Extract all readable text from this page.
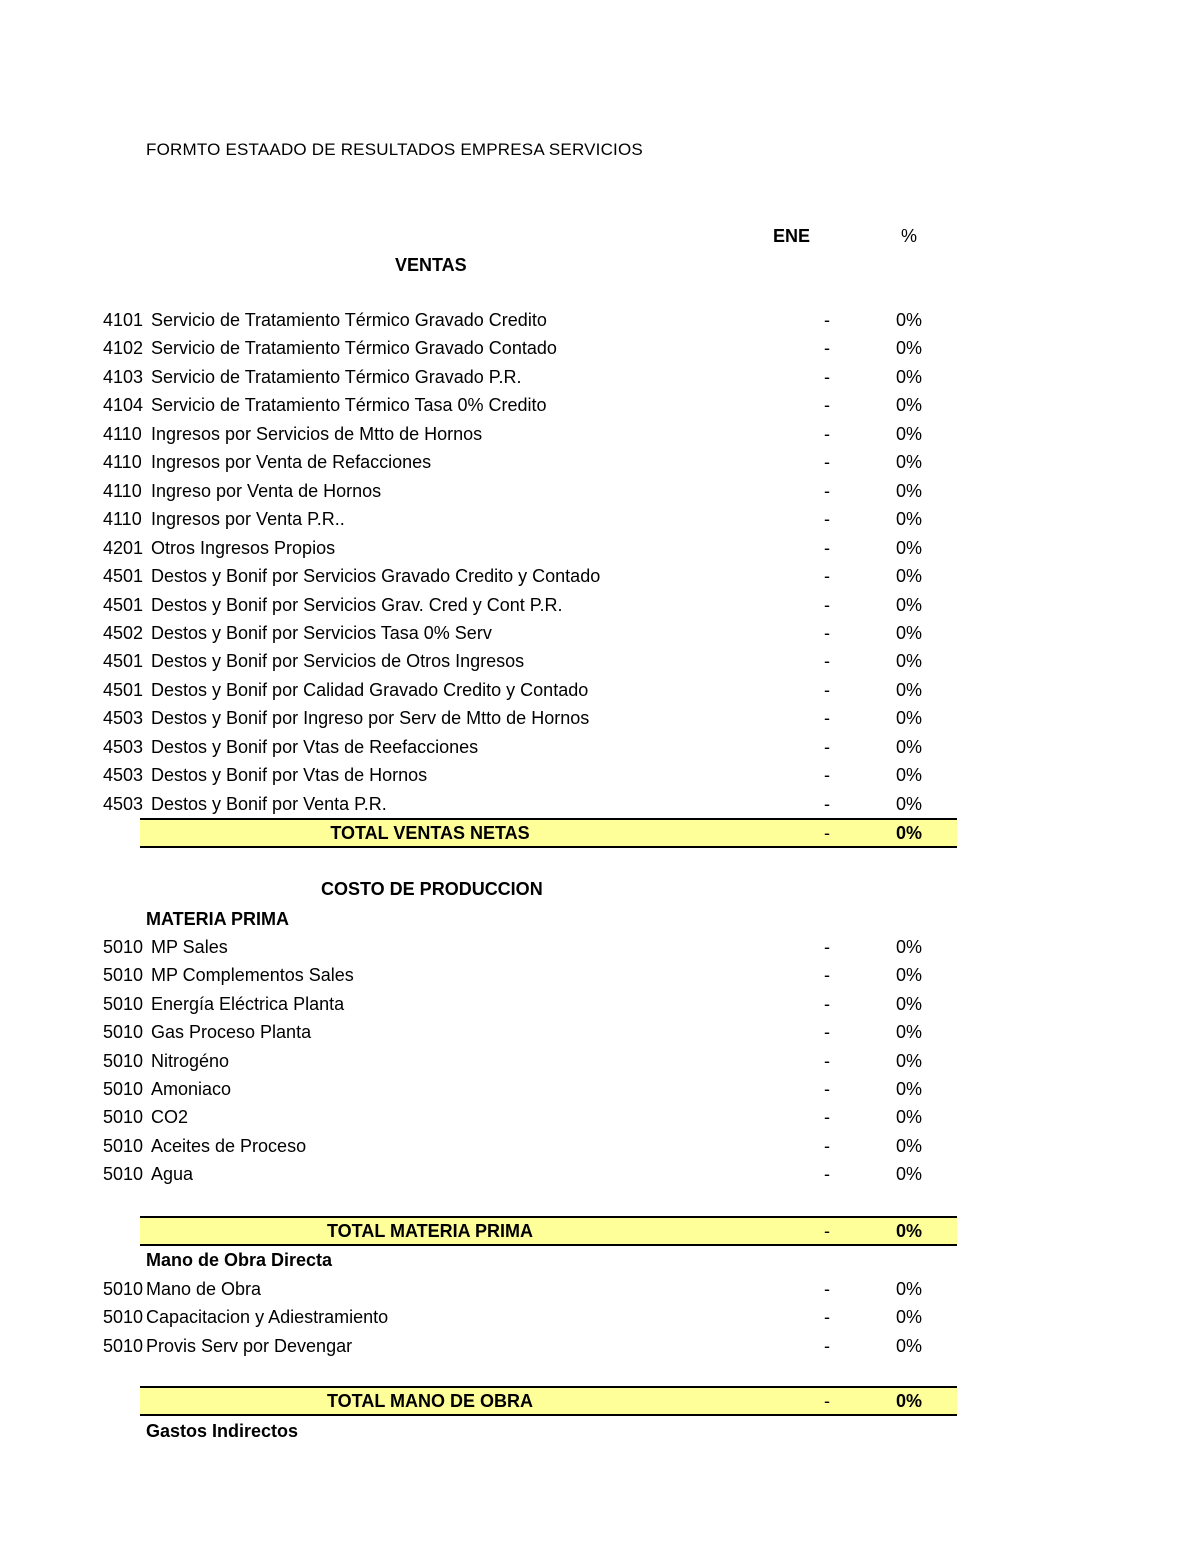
FORMTO ESTAADO DE RESULTADOS EMPRESA SERVICIOS
ENE	%
VENTAS
4101 Servicio de Tratamiento Térmico Gravado Credito	-	0%
4102 Servicio de Tratamiento Térmico Gravado Contado	-	0%
4103 Servicio de Tratamiento Térmico Gravado P.R.	-	0%
4104 Servicio de Tratamiento Térmico Tasa 0% Credito	-	0%
4110 Ingresos por Servicios de Mtto de Hornos	-	0%
4110 Ingresos por Venta de Refacciones	-	0%
4110 Ingreso por Venta de Hornos	-	0%
4110 Ingresos por Venta P.R..	-	0%
4201 Otros Ingresos Propios	-	0%
4501 Destos y Bonif por Servicios Gravado Credito y Contado	-	0%
4501 Destos y Bonif por Servicios Grav. Cred y Cont P.R.	-	0%
4502 Destos y Bonif por Servicios Tasa 0% Serv	-	0%
4501 Destos y Bonif por Servicios de Otros Ingresos	-	0%
4501 Destos y Bonif por Calidad Gravado Credito y Contado	-	0%
4503 Destos y Bonif por Ingreso por Serv de Mtto de Hornos	-	0%
4503 Destos y Bonif por Vtas de Reefacciones	-	0%
4503 Destos y Bonif por Vtas de Hornos	-	0%
4503 Destos y Bonif por Venta P.R.	-	0%
TOTAL VENTAS NETAS	-	0%
COSTO DE PRODUCCION
MATERIA PRIMA
5010 MP Sales	-	0%
5010 MP Complementos Sales	-	0%
5010 Energía Eléctrica Planta	-	0%
5010 Gas Proceso Planta	-	0%
5010 Nitrogéno	-	0%
5010 Amoniaco	-	0%
5010 CO2	-	0%
5010 Aceites de Proceso	-	0%
5010 Agua	-	0%
TOTAL MATERIA PRIMA	-	0%
Mano de Obra Directa
5010 Mano de Obra	-	0%
5010 Capacitacion y Adiestramiento	-	0%
5010 Provis Serv por Devengar	-	0%
TOTAL MANO DE OBRA	-	0%
Gastos Indirectos
